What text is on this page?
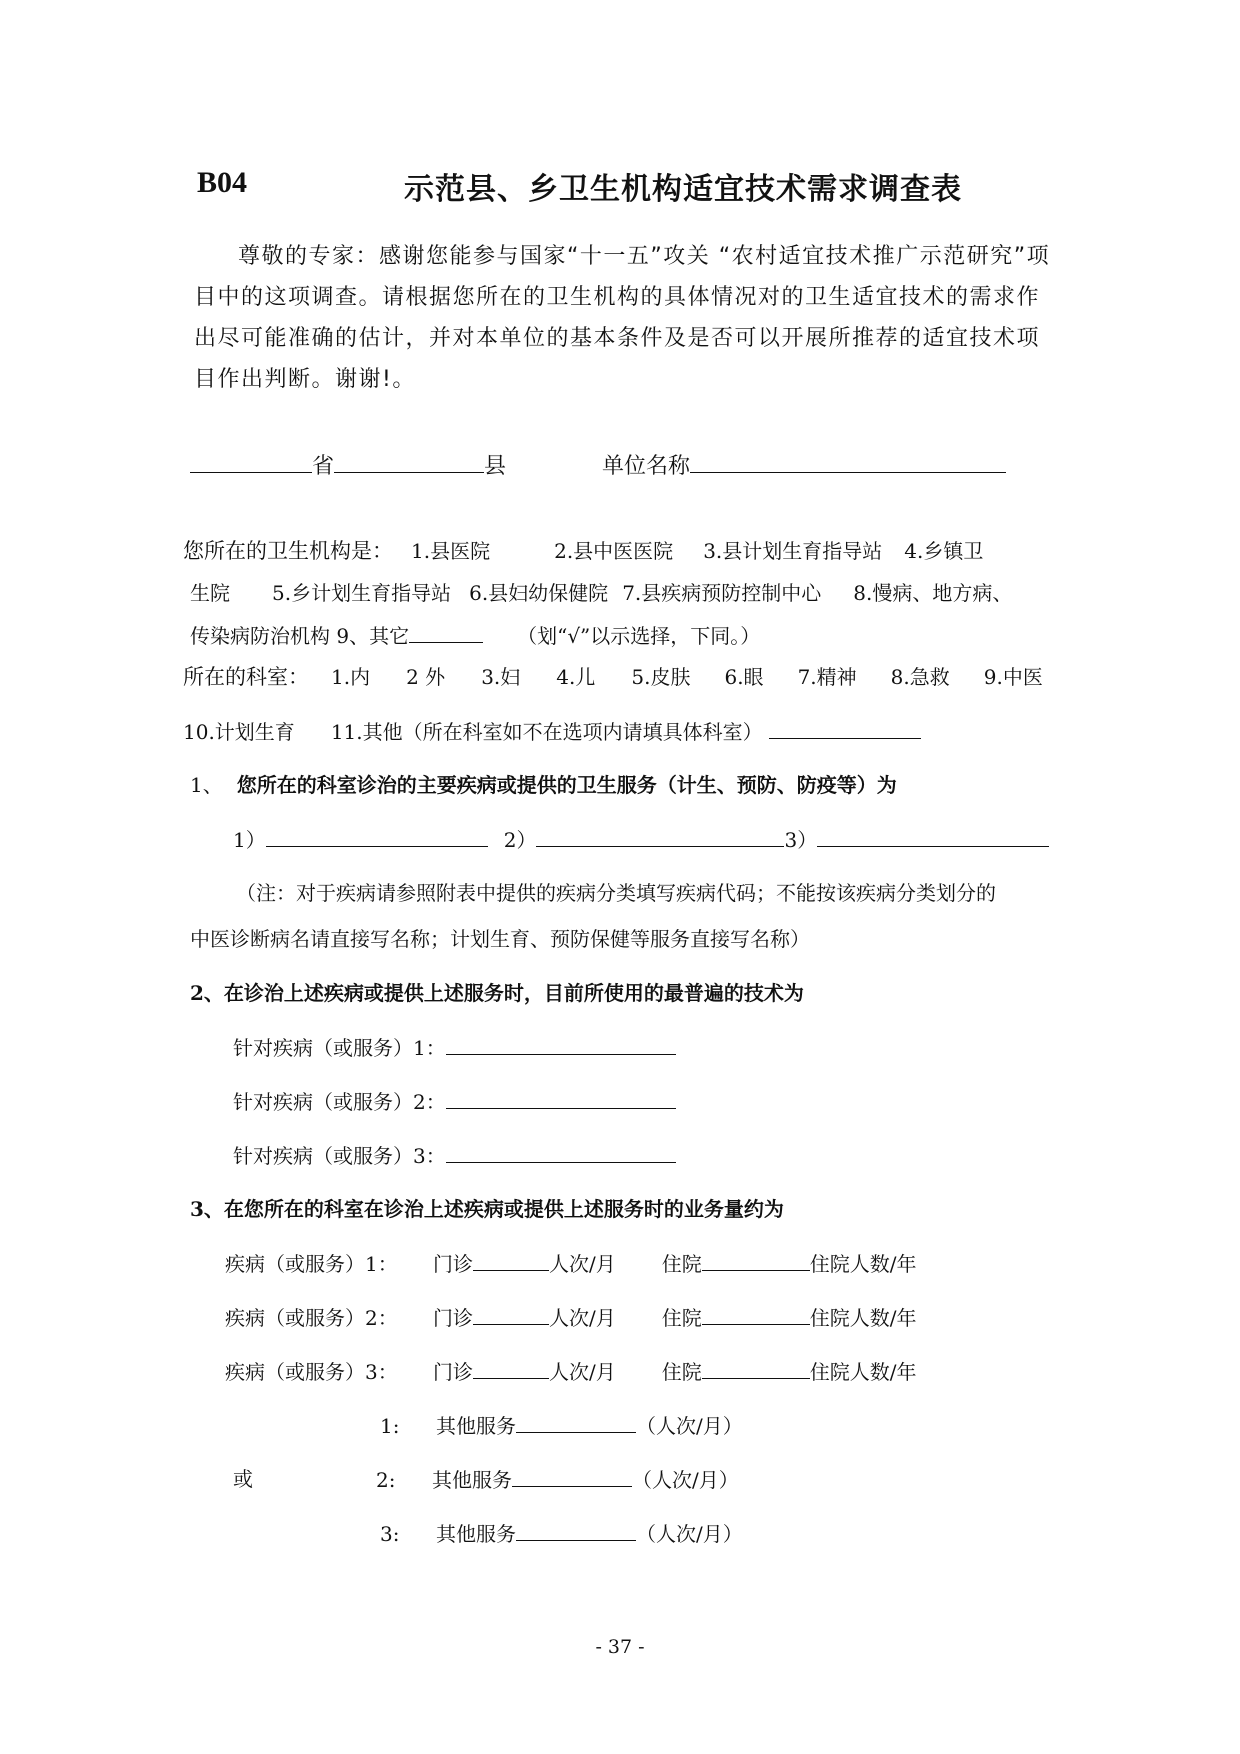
B04	示范县、乡卫生机构适宜技术需求调查表
尊敬的专家：感谢您能参与国家“十一五”攻关 “农村适宜技术推广示范研究”项目中的这项调查。请根据您所在的卫生机构的具体情况对的卫生适宜技术的需求作出尽可能准确的估计，并对本单位的基本条件及是否可以开展所推荐的适宜技术项目作出判断。谢谢!。
省	县	单位名称
您所在的卫生机构是： 1.县医院	2.县中医医院 3.县计划生育指导站 4.乡镇卫
生院 5.乡计划生育指导站 6.县妇幼保健院 7.县疾病预防控制中心 8.慢病、地方病、
传染病防治机构 9、其它	（划“√”以示选择，下同。）
所在的科室： 1.内 2 外 3.妇 4.儿 5.皮肤 6.眼 7.精神 8.急救 9.中医
10.计划生育 11.其他（所在科室如不在选项内请填具体科室）
1、 您所在的科室诊治的主要疾病或提供的卫生服务（计生、预防、防疫等）为
1）	2）	3）
（注：对于疾病请参照附表中提供的疾病分类填写疾病代码；不能按该疾病分类划分的
中医诊断病名请直接写名称；计划生育、预防保健等服务直接写名称）
2、在诊治上述疾病或提供上述服务时，目前所使用的最普遍的技术为
针对疾病（或服务）1：
针对疾病（或服务）2：
针对疾病（或服务）3：
3、在您所在的科室在诊治上述疾病或提供上述服务时的业务量约为
疾病（或服务）1： 门诊	人次/月 住院	住院人数/年
疾病（或服务）2： 门诊	人次/月 住院	住院人数/年
疾病（或服务）3： 门诊	人次/月 住院	住院人数/年
1: 其他服务	（人次/月）
或	2: 其他服务	（人次/月）
3: 其他服务	（人次/月）
- 37 -
